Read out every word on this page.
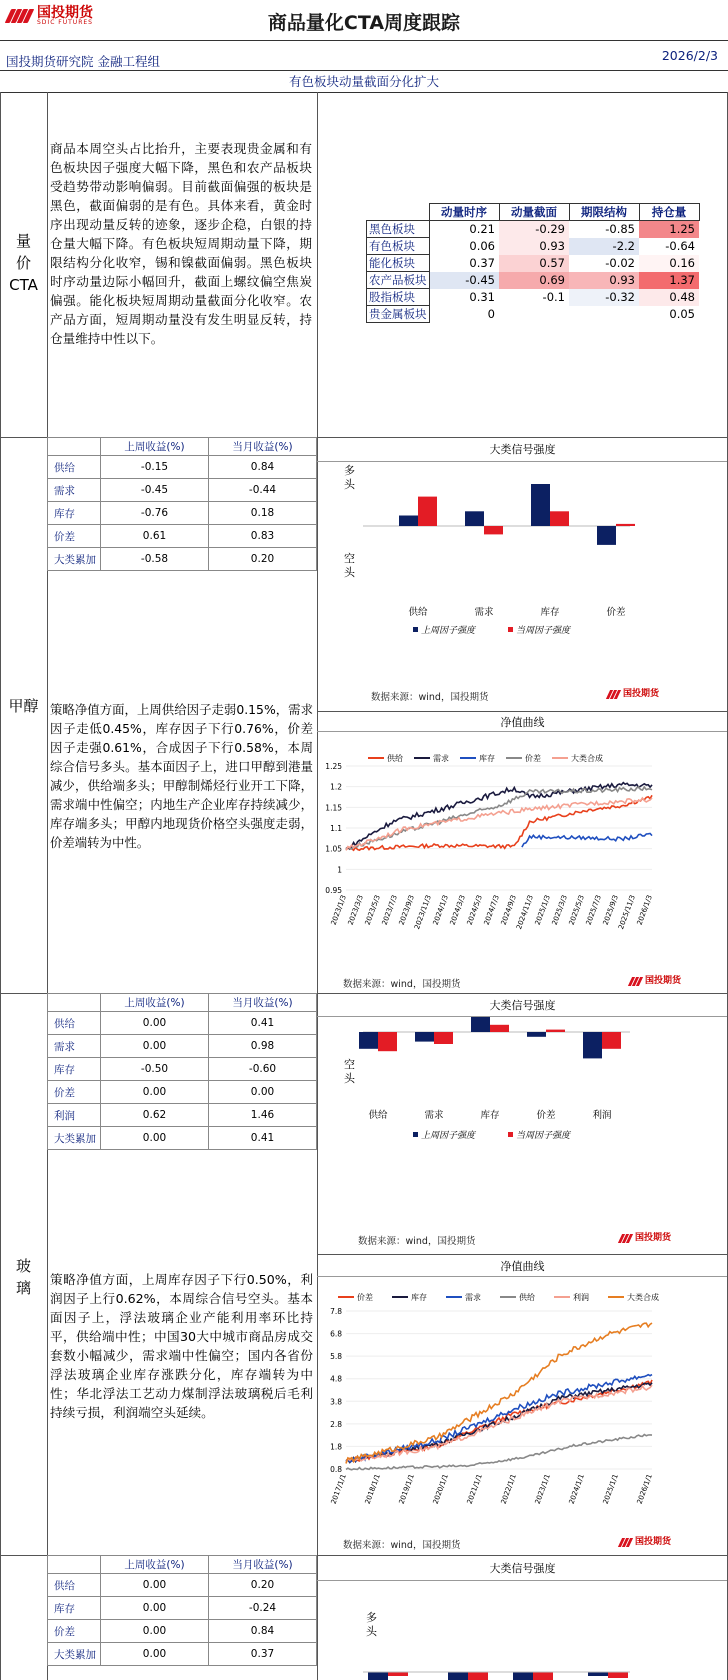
国投期货
SDIC FUTURES	商品量化CTA周度跟踪
国投期货研究院 金融工程组	2026/2/3
有色板块动量截面分化扩大
量
价
CTA
商品本周空头占比抬升，主要表现贵金属和有色板块因子强度大幅下降，黑色和农产品板块受趋势带动影响偏弱。目前截面偏强的板块是黑色，截面偏弱的是有色。具体来看，黄金时序出现动量反转的迹象，逐步企稳，白银的持仓量大幅下降。有色板块短周期动量下降，期限结构分化收窄，锡和镍截面偏弱。黑色板块时序动量边际小幅回升，截面上螺纹偏空焦炭偏强。能化板块短周期动量截面分化收窄。农产品方面，短周期动量没有发生明显反转，持仓量维持中性以下。
	动量时序	动量截面	期限结构	持仓量
黑色板块	0.21	-0.29	-0.85	1.25
有色板块	0.06	0.93	-2.2	-0.64
能化板块	0.37	0.57	-0.02	0.16
农产品板块	-0.45	0.69	0.93	1.37
股指板块	0.31	-0.1	-0.32	0.48
贵金属板块	0			0.05
甲醇
	上周收益(%)	当月收益(%)
供给	-0.15	0.84
需求	-0.45	-0.44
库存	-0.76	0.18
价差	0.61	0.83
大类累加	-0.58	0.20
策略净值方面，上周供给因子走弱0.15%，需求因子走低0.45%，库存因子下行0.76%，价差因子走强0.61%，合成因子下行0.58%，本周综合信号多头。基本面因子上，进口甲醇到港量减少，供给端多头；甲醇制烯烃行业开工下降，需求端中性偏空；内地生产企业库存持续减少，库存端多头；甲醇内地现货价格空头强度走弱，价差端转为中性。
大类信号强度
多
头
空
头
供给	需求	库存	价差
上周因子强度	当周因子强度
数据来源：wind，国投期货	国投期货
净值曲线
1.25
1.2
1.15
1.1
1.05
1
0.95
2023/1/3
2023/3/3
2023/5/3
2023/7/3
2023/9/3
2023/11/3
2024/1/3
2024/3/3
2024/5/3
2024/7/3
2024/9/3
2024/11/3
2025/1/3
2025/3/3
2025/5/3
2025/7/3
2025/9/3
2025/11/3
2026/1/3
供给	需求	库存	价差	大类合成
玻
璃
	上周收益(%)	当月收益(%)
供给	0.00	0.41
需求	0.00	0.98
库存	-0.50	-0.60
价差	0.00	0.00
利润	0.62	1.46
大类累加	0.00	0.41
策略净值方面，上周库存因子下行0.50%，利润因子上行0.62%，本周综合信号空头。基本面因子上，浮法玻璃企业产能利用率环比持平，供给端中性；中国30大中城市商品房成交套数小幅减少，需求端中性偏空；国内各省份浮法玻璃企业库存涨跌分化，库存端转为中性；华北浮法工艺动力煤制浮法玻璃税后毛利持续亏损，利润端空头延续。
大类信号强度
空
头
供给	需求	库存	价差	利润
上周因子强度	当周因子强度
数据来源：wind，国投期货	国投期货
净值曲线
7.8
6.8
5.8
4.8
3.8
2.8
1.8
0.8
2017/1/1 2018/1/1 2019/1/1 2020/1/1 2021/1/1 2022/1/1 2023/1/1 2024/1/1 2025/1/1 2026/1/1
价差	库存	需求	供给	利润	大类合成
	上周收益(%)	当月收益(%)
供给	0.00	0.20
库存	0.00	-0.24
价差	0.00	0.84
大类累加	0.00	0.37
大类信号强度
多
头
数据来源：wind，国投期货	国投期货
数据来源：wind，国投期货	国投期货
